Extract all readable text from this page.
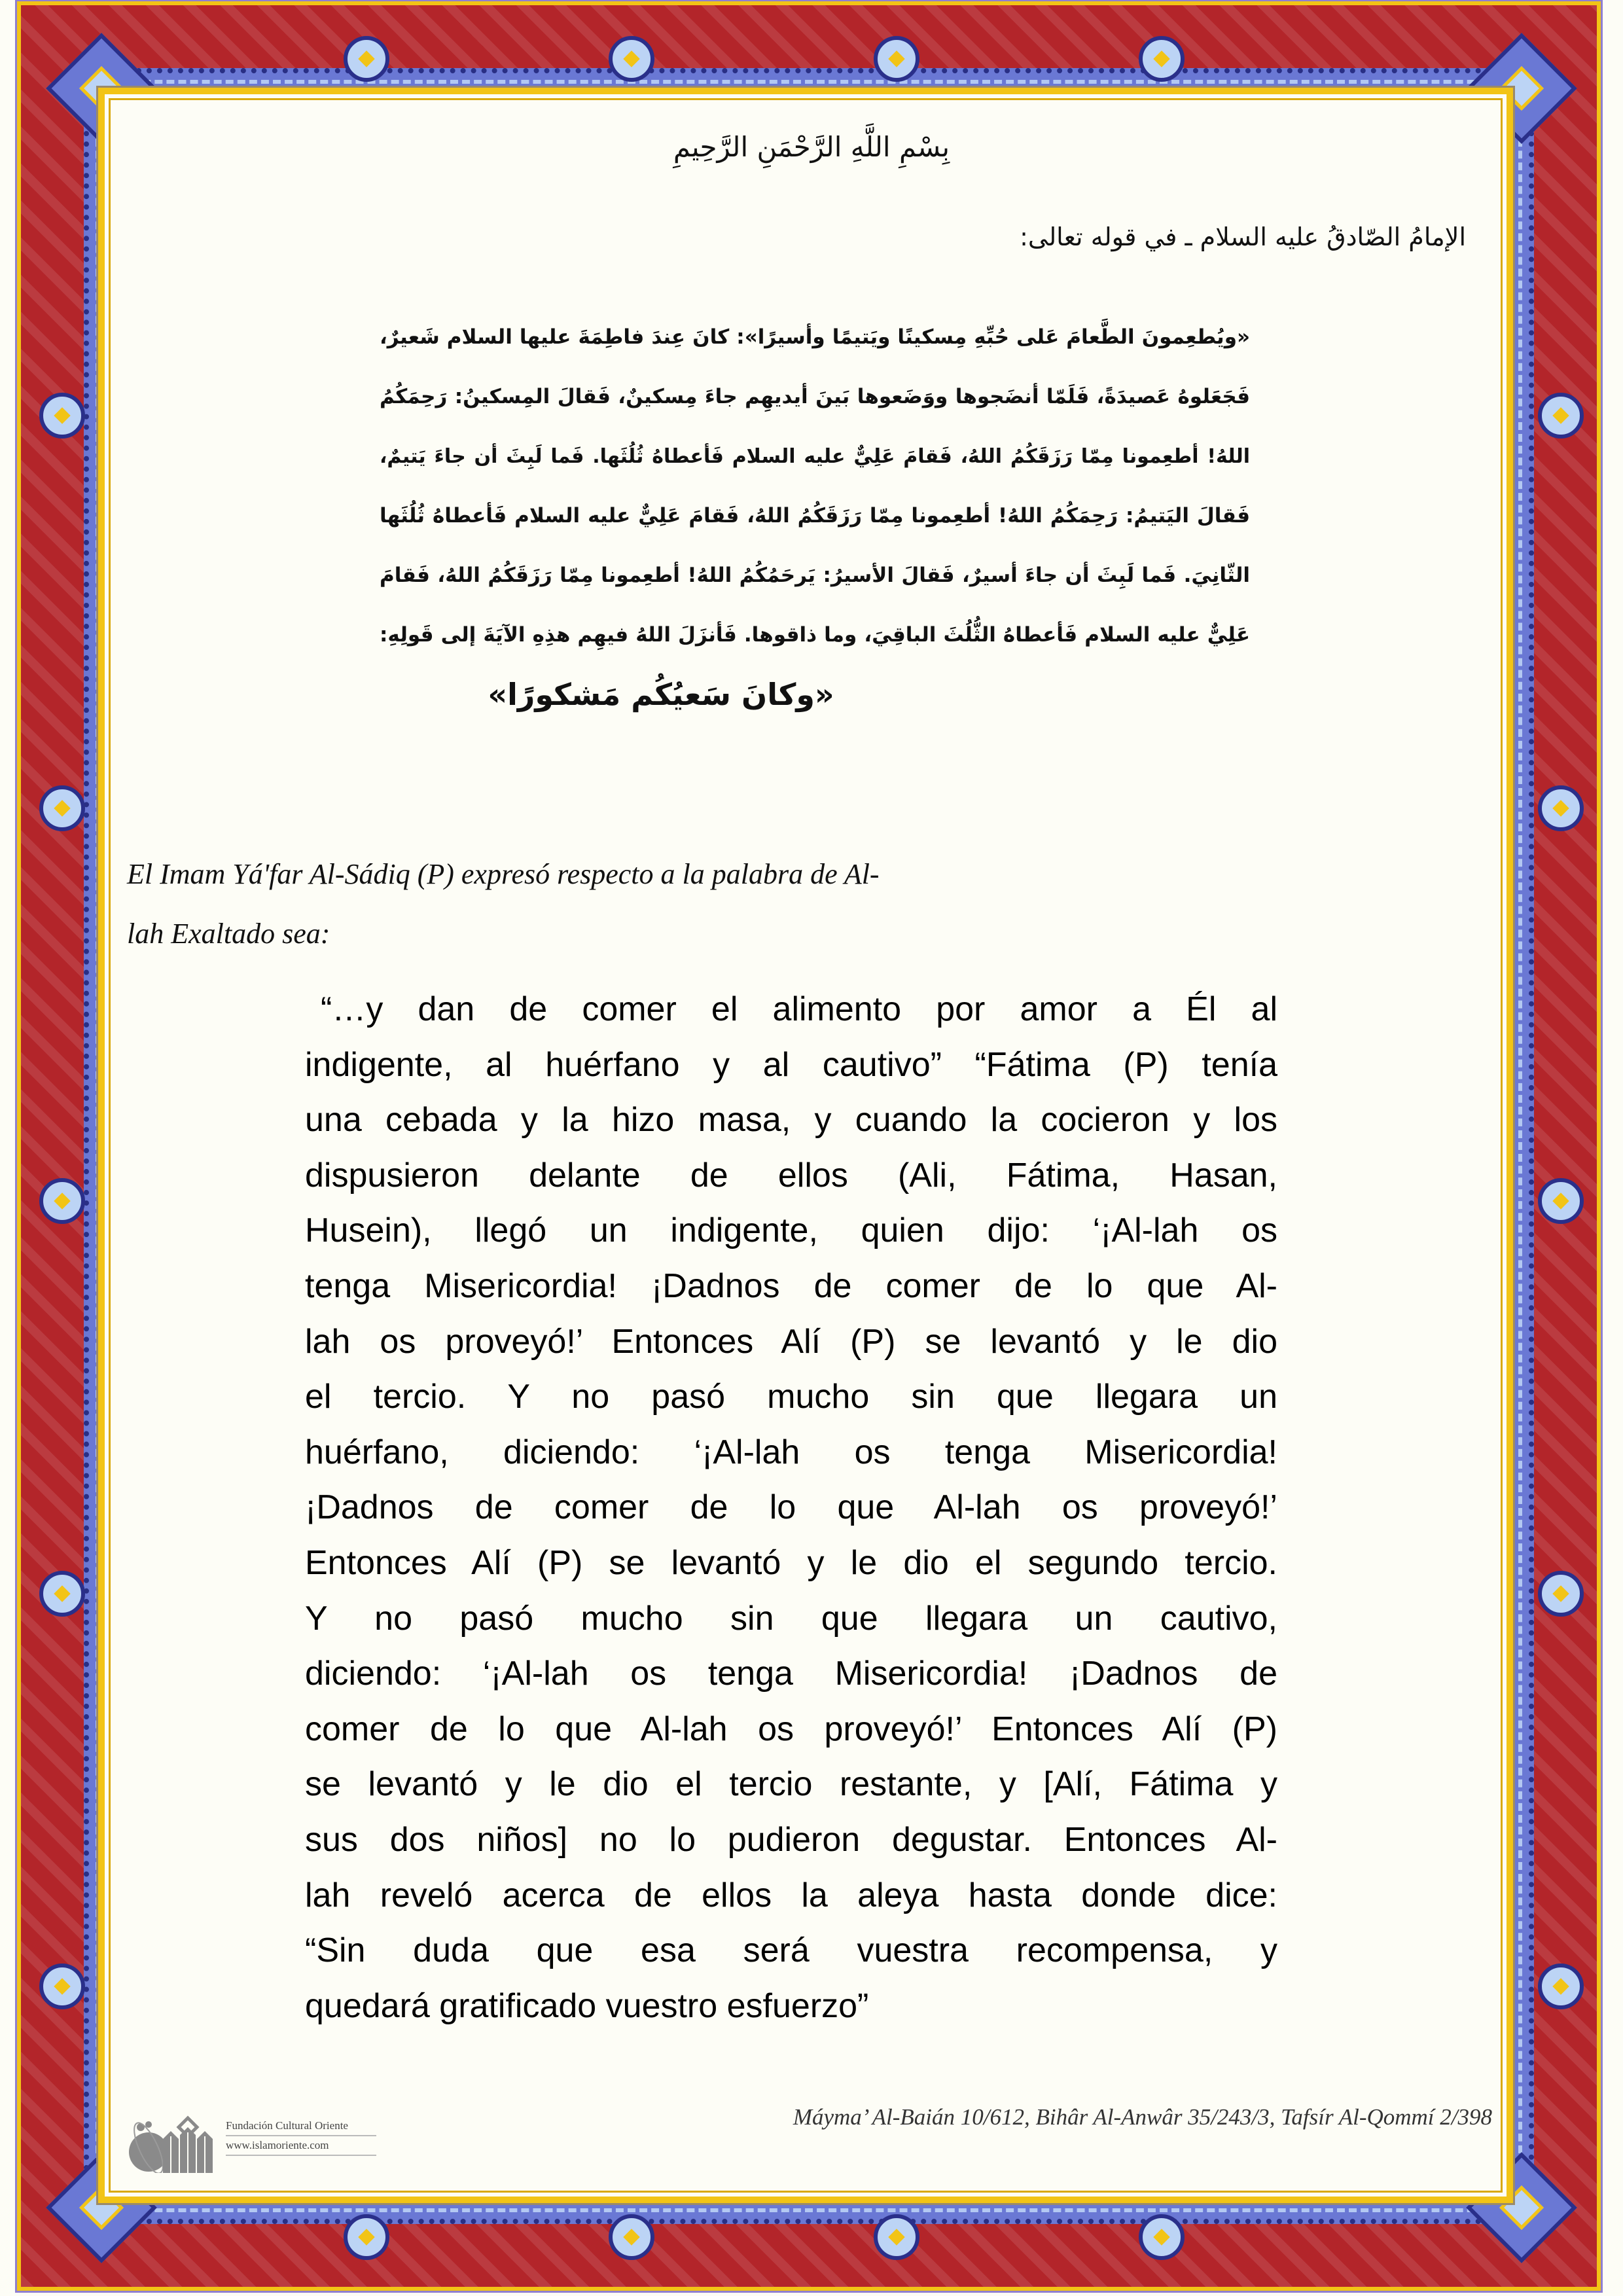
بِسْمِ اللَّهِ الرَّحْمَنِ الرَّحِيمِ
الإمامُ الصّادقُ عليه السلام ـ في قوله تعالى:
«ويُطعِمونَ الطَّعامَ عَلى حُبِّهِ مِسكينًا ويَتيمًا وأسيرًا»: كانَ عِندَ فاطِمَةَ عليها السلام شَعيرٌ،
فَجَعَلوهُ عَصيدَةً، فَلَمّا أنضَجوها ووَضَعوها بَينَ أيديهِم جاءَ مِسكينٌ، فَقالَ المِسكينُ: رَحِمَكُمُ
اللهُ! أطعِمونا مِمّا رَزَقَكُمُ اللهُ، فَقامَ عَلِيٌّ عليه السلام فَأعطاهُ ثُلُثَها. فَما لَبِثَ أن جاءَ يَتيمٌ،
فَقالَ اليَتيمُ: رَحِمَكُمُ اللهُ! أطعِمونا مِمّا رَزَقَكُمُ اللهُ، فَقامَ عَلِيٌّ عليه السلام فَأعطاهُ ثُلُثَها
الثّانِيَ. فَما لَبِثَ أن جاءَ أسيرٌ، فَقالَ الأسيرُ: يَرحَمُكُمُ اللهُ! أطعِمونا مِمّا رَزَقَكُمُ اللهُ، فَقامَ
عَلِيٌّ عليه السلام فَأعطاهُ الثُّلُثَ الباقِيَ، وما ذاقوها. فَأنزَلَ اللهُ فيهِم هذِهِ الآيَةَ إلى قَولِهِ:
«وكانَ سَعيُكُم مَشكورًا»
El Imam Yá'far Al-Sádiq (P) expresó respecto a la palabra de Al-
lah Exaltado sea:
“…y dan de comer el alimento por amor a Él al
indigente, al huérfano y al cautivo” “Fátima (P) tenía
una cebada y la hizo masa, y cuando la cocieron y los
dispusieron delante de ellos (Ali, Fátima, Hasan,
Husein), llegó un indigente, quien dijo: ‘¡Al-lah os
tenga Misericordia! ¡Dadnos de comer de lo que Al-
lah os proveyó!’ Entonces Alí (P) se levantó y le dio
el tercio. Y no pasó mucho sin que llegara un
huérfano, diciendo: ‘¡Al-lah os tenga Misericordia!
¡Dadnos de comer de lo que Al-lah os proveyó!’
Entonces Alí (P) se levantó y le dio el segundo tercio.
Y no pasó mucho sin que llegara un cautivo,
diciendo: ‘¡Al-lah os tenga Misericordia! ¡Dadnos de
comer de lo que Al-lah os proveyó!’ Entonces Alí (P)
se levantó y le dio el tercio restante, y [Alí, Fátima y
sus dos niños] no lo pudieron degustar. Entonces Al-
lah reveló acerca de ellos la aleya hasta donde dice:
“Sin duda que esa será vuestra recompensa, y
quedará gratificado vuestro esfuerzo”
Fundación Cultural Oriente
www.islamoriente.com
Máyma’ Al-Baián 10/612, Bihâr Al-Anwâr 35/243/3, Tafsír Al-Qommí 2/398
